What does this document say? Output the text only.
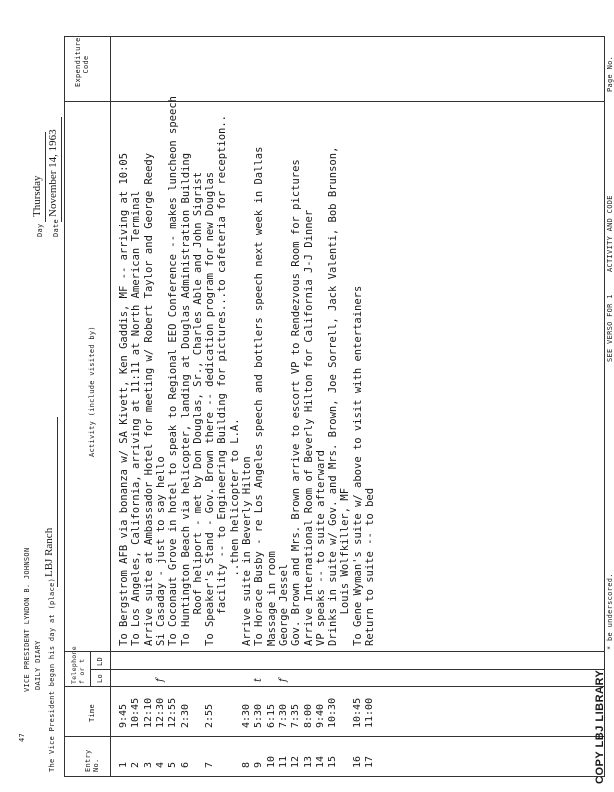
47
VICE PRESIDENT LYNDON B. JOHNSON DAILY DIARY The Vice President began his day at (place)
LBJ Ranch
Day
Thursday
Date
November 14, 1963
Entry No.
Time
Telephone f or t Lo
LD
Activity (include visited by)
Expenditure Code
1
9:45
To Bergstrom AFB via bonanza w/ SA Kivett, Ken Gaddis, MF -- arriving at 10:05
2
10:45
To Los Angeles, California, arriving at 11:11 at North American Terminal
3
12:10
Arrive suite at Ambassador Hotel for meeting w/ Robert Taylor and George Reedy
4
12:30
f
Si Casaday - just to say hello
5
12:55
To Coconaut Grove in hotel to speak to Regional EEO Conference -- makes luncheon speech
6
2:30
To Huntington Beach via helicopter, landing at Douglas Administration Building Roof heliport - met by Don Douglas, Sr., Charles Able and John Sigrist
7
2:55
To Speaker's Stand - Gov. Brown there -- dedication program for new Douglas facility -- to Engineering Building for pictures...to cafeteria for reception.. ..then helicopter to L.A.
8
4:30
Arrive suite in Beverly Hilton
9
5:30
t
To Horace Busby - re Los Angeles speech and bottlers speech next week in Dallas
10
6:15
Massage in room
11
7:30
f
George Jessel
12
7:35
Gov. Brown and Mrs. Brown arrive to escort VP to Rendezvous Room for pictures
13
8:00
Arrive International Room of Beverly Hilton for California J-J Dinner
14
9:40
VP speaks -- to suite afterward
15
10:30
Drinks in suite w/ Gov. and Mrs. Brown, Joe Sorrell, Jack Valenti, Bob Brunson, Louis Wolfkiller, MF
16
10:45
To Gene Wyman's suite w/ above to visit with entertainers
17
11:00
Return to suite -- to bed	* be underscored.
SEE VERSO FOR 1
ACTIVITY AND CODE
Page No.
COPY LBJ LIBRARY
